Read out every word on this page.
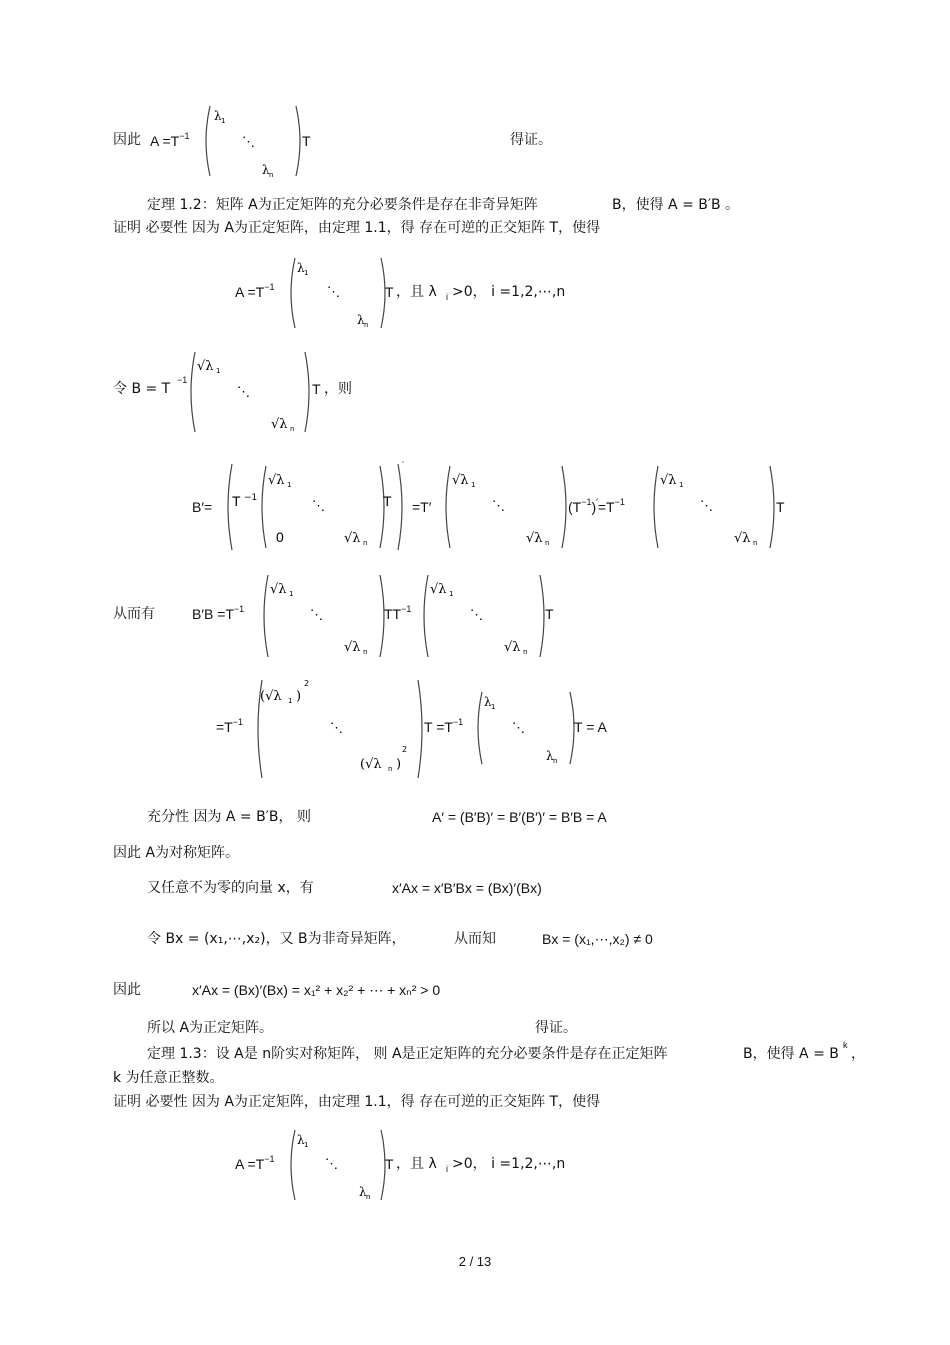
因此 $A =T^{-1}$
λ 1
⋱
λ n
T	得证。
定理 1.2：矩阵 A为正定矩阵的充分必要条件是存在非奇异矩阵	B，使得 A = B′B 。
证明 必要性 因为 A为正定矩阵，由定理 1.1，得 存在可逆的正交矩阵 T，使得
$A =T^{-1}$
λ 1
⋱
λ n
T ，且 λ $_i$ >0， i =1,2,⋯,n
令 B = T
$^{-1}$
√λ 1
⋱
√λ n
T ，则
B′= T −1
√λ 1
⋱
0	√λ n
T
′
=T′
√λ 1
⋱
√λ n
$(T^{-1})'=T^{-1}$
√λ 1
⋱
√λ n
T
从而有	$B'B =T^{-1}$
√λ 1
⋱
√λ n
$TT^{-1}$
√λ 1
⋱
√λ n
T
$=T^{-1}$
(√λ 1 )
2
⋱
(√λ n )
2
$T =T^{-1}$
λ 1
⋱
λ n
T = A
充分性 因为 A = B′B， 则	A′ = (B′B)′ = B′(B′)′ = B′B = A
因此 A为对称矩阵。
又任意不为零的向量 x，有	x′Ax = x′B′Bx = (Bx)′(Bx)
令 Bx = (x₁,⋯,x₂)，又 B为非奇异矩阵，	从而知	Bx = (x₁,⋯,x₂) ≠ 0
因此	x′Ax = (Bx)′(Bx) = x₁² + x₂² + ⋯ + xₙ² > 0
所以 A为正定矩阵。	得证。
定理 1.3：设 A是 n阶实对称矩阵， 则 A是正定矩阵的充分必要条件是存在正定矩阵	B，使得 A = B
k
，
k 为任意正整数。
证明 必要性 因为 A为正定矩阵，由定理 1.1，得 存在可逆的正交矩阵 T，使得
$A =T^{-1}$
λ 1
⋱
λ n
T ，且 λ $_i$ >0， i =1,2,⋯,n
2 / 13
